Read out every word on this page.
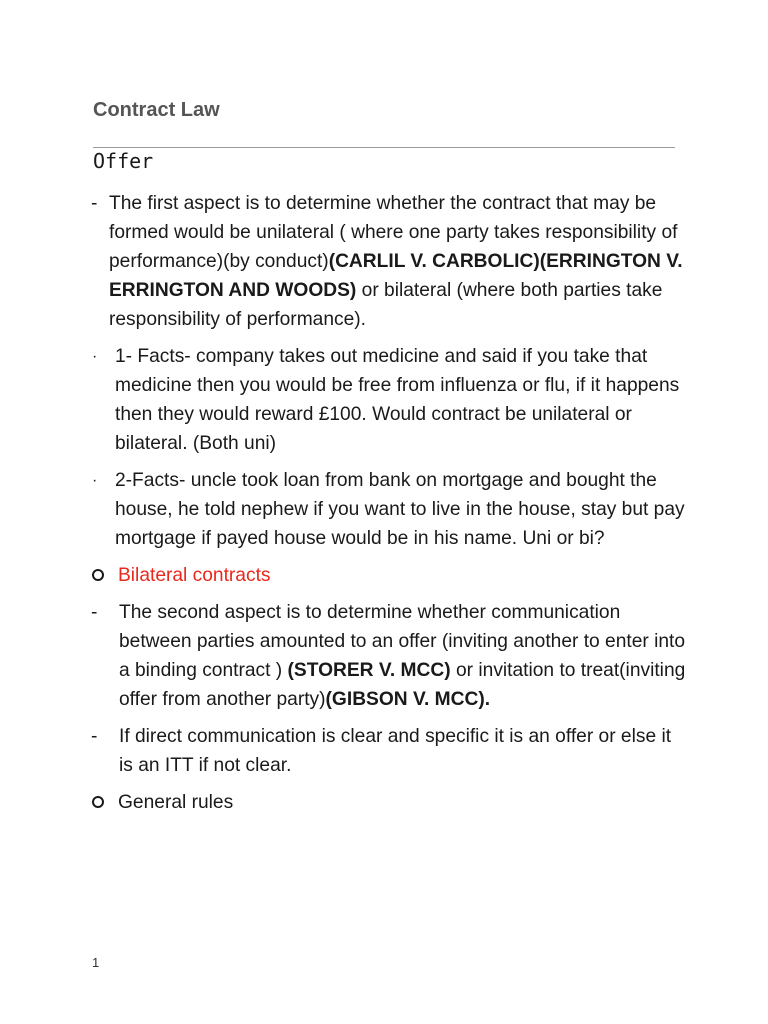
Contract Law
Offer
- The first aspect is to determine whether the contract that may be formed would be unilateral ( where one party takes responsibility of performance)(by conduct)(CARLIL V. CARBOLIC)(ERRINGTON V. ERRINGTON AND WOODS) or bilateral (where both parties take responsibility of performance).
· 1- Facts- company takes out medicine and said if you take that medicine then you would be free from influenza or flu, if it happens then they would reward £100. Would contract be unilateral or bilateral. (Both uni)
· 2-Facts- uncle took loan from bank on mortgage and bought the house, he told nephew if you want to live in the house, stay but pay mortgage if payed house would be in his name. Uni or bi?
Bilateral contracts
-	The second aspect is to determine whether communication between parties amounted to an offer (inviting another to enter into a binding contract ) (STORER V. MCC) or invitation to treat(inviting offer from another party)(GIBSON V. MCC).
-	If direct communication is clear and specific it is an offer or else it is an ITT if not clear.
General rules
1
